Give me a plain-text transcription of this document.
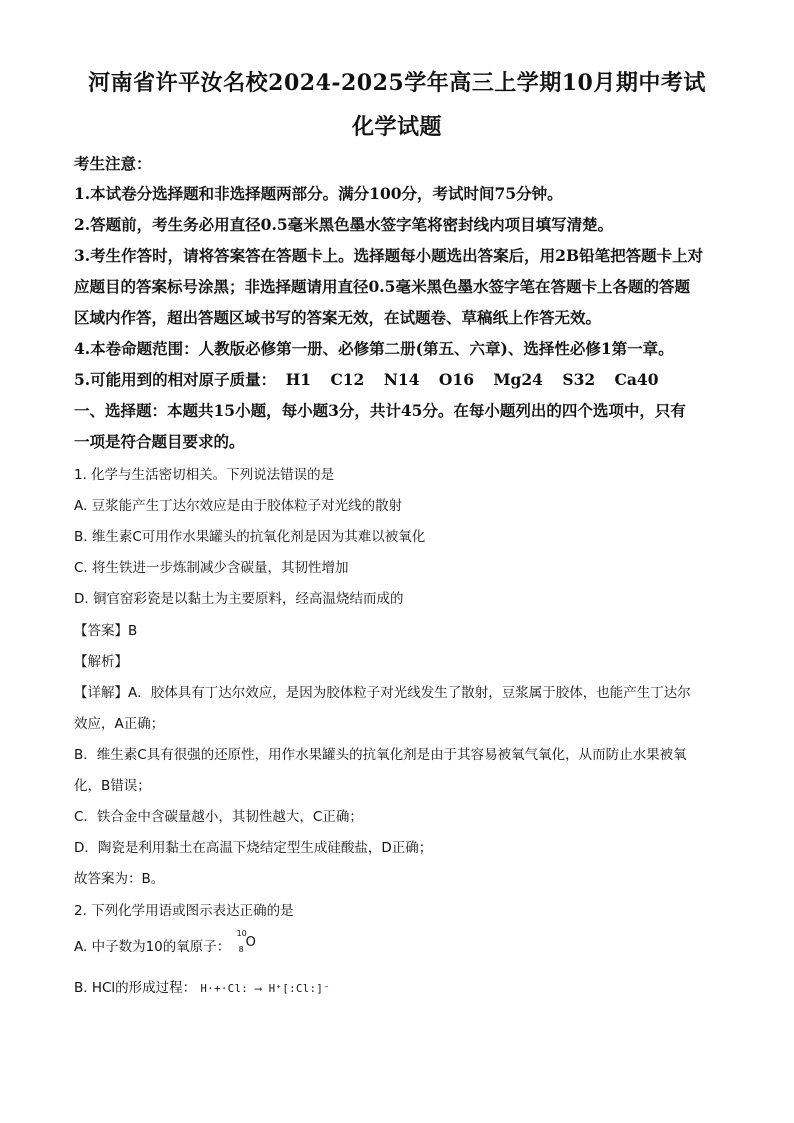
河南省许平汝名校2024-2025学年高三上学期10月期中考试
化学试题
考生注意：
1.本试卷分选择题和非选择题两部分。满分100分，考试时间75分钟。
2.答题前，考生务必用直径0.5毫米黑色墨水签字笔将密封线内项目填写清楚。
3.考生作答时，请将答案答在答题卡上。选择题每小题选出答案后，用2B铅笔把答题卡上对
应题目的答案标号涂黑；非选择题请用直径0.5毫米黑色墨水签字笔在答题卡上各题的答题
区域内作答，超出答题区域书写的答案无效，在试题卷、草稿纸上作答无效。
4.本卷命题范围：人教版必修第一册、必修第二册(第五、六章)、选择性必修1第一章。
5.可能用到的相对原子质量： H1 C12 N14 O16 Mg24 S32 Ca40
一、选择题：本题共15小题，每小题3分，共计45分。在每小题列出的四个选项中，只有
一项是符合题目要求的。
1. 化学与生活密切相关。下列说法错误的是
A. 豆浆能产生丁达尔效应是由于胶体粒子对光线的散射
B. 维生素C可用作水果罐头的抗氧化剂是因为其难以被氧化
C. 将生铁进一步炼制减少含碳量，其韧性增加
D. 铜官窑彩瓷是以黏土为主要原料，经高温烧结而成的
【答案】B
【解析】
【详解】A．胶体具有丁达尔效应，是因为胶体粒子对光线发生了散射，豆浆属于胶体，也能产生丁达尔
效应，A正确；
B．维生素C具有很强的还原性，用作水果罐头的抗氧化剂是由于其容易被氧气氧化，从而防止水果被氧
化，B错误；
C．铁合金中含碳量越小，其韧性越大，C正确；
D．陶瓷是利用黏土在高温下烧结定型生成硅酸盐，D正确；
故答案为：B。
2. 下列化学用语或图示表达正确的是
A. 中子数为10的氧原子：
10
8 O
B. HCl的形成过程： H·+·Cl: ⟶ H⁺[:Cl:]⁻
